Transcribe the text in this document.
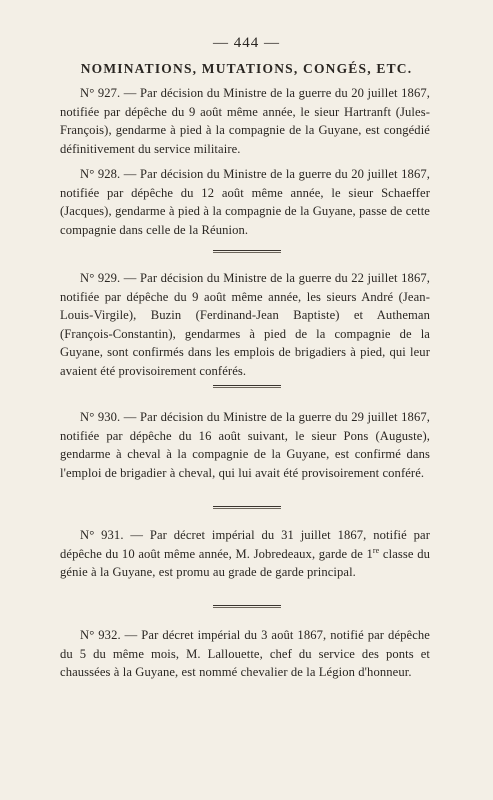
— 444 —
NOMINATIONS, MUTATIONS, CONGÉS, ETC.

N° 927. — Par décision du Ministre de la guerre du 20 juillet 1867, notifiée par dépêche du 9 août même année, le sieur Hartranft (Jules-François), gendarme à pied à la compagnie de la Guyane, est congédié définitivement du service militaire.

N° 928. — Par décision du Ministre de la guerre du 20 juillet 1867, notifiée par dépêche du 12 août même année, le sieur Schaeffer (Jacques), gendarme à pied à la compagnie de la Guyane, passe de cette compagnie dans celle de la Réunion.

N° 929. — Par décision du Ministre de la guerre du 22 juillet 1867, notifiée par dépêche du 9 août même année, les sieurs André (Jean-Louis-Virgile), Buzin (Ferdinand-Jean Baptiste) et Autheman (François-Constantin), gendarmes à pied de la compagnie de la Guyane, sont confirmés dans les emplois de brigadiers à pied, qui leur avaient été provisoirement conférés.

N° 930. — Par décision du Ministre de la guerre du 29 juillet 1867, notifiée par dépêche du 16 août suivant, le sieur Pons (Auguste), gendarme à cheval à la compagnie de la Guyane, est confirmé dans l'emploi de brigadier à cheval, qui lui avait été provisoirement conféré.

N° 931. — Par décret impérial du 31 juillet 1867, notifié par dépêche du 10 août même année, M. Jobredeaux, garde de 1re classe du génie à la Guyane, est promu au grade de garde principal.

N° 932. — Par décret impérial du 3 août 1867, notifié par dépêche du 5 du même mois, M. Lallouette, chef du service des ponts et chaussées à la Guyane, est nommé chevalier de la Légion d'honneur.
